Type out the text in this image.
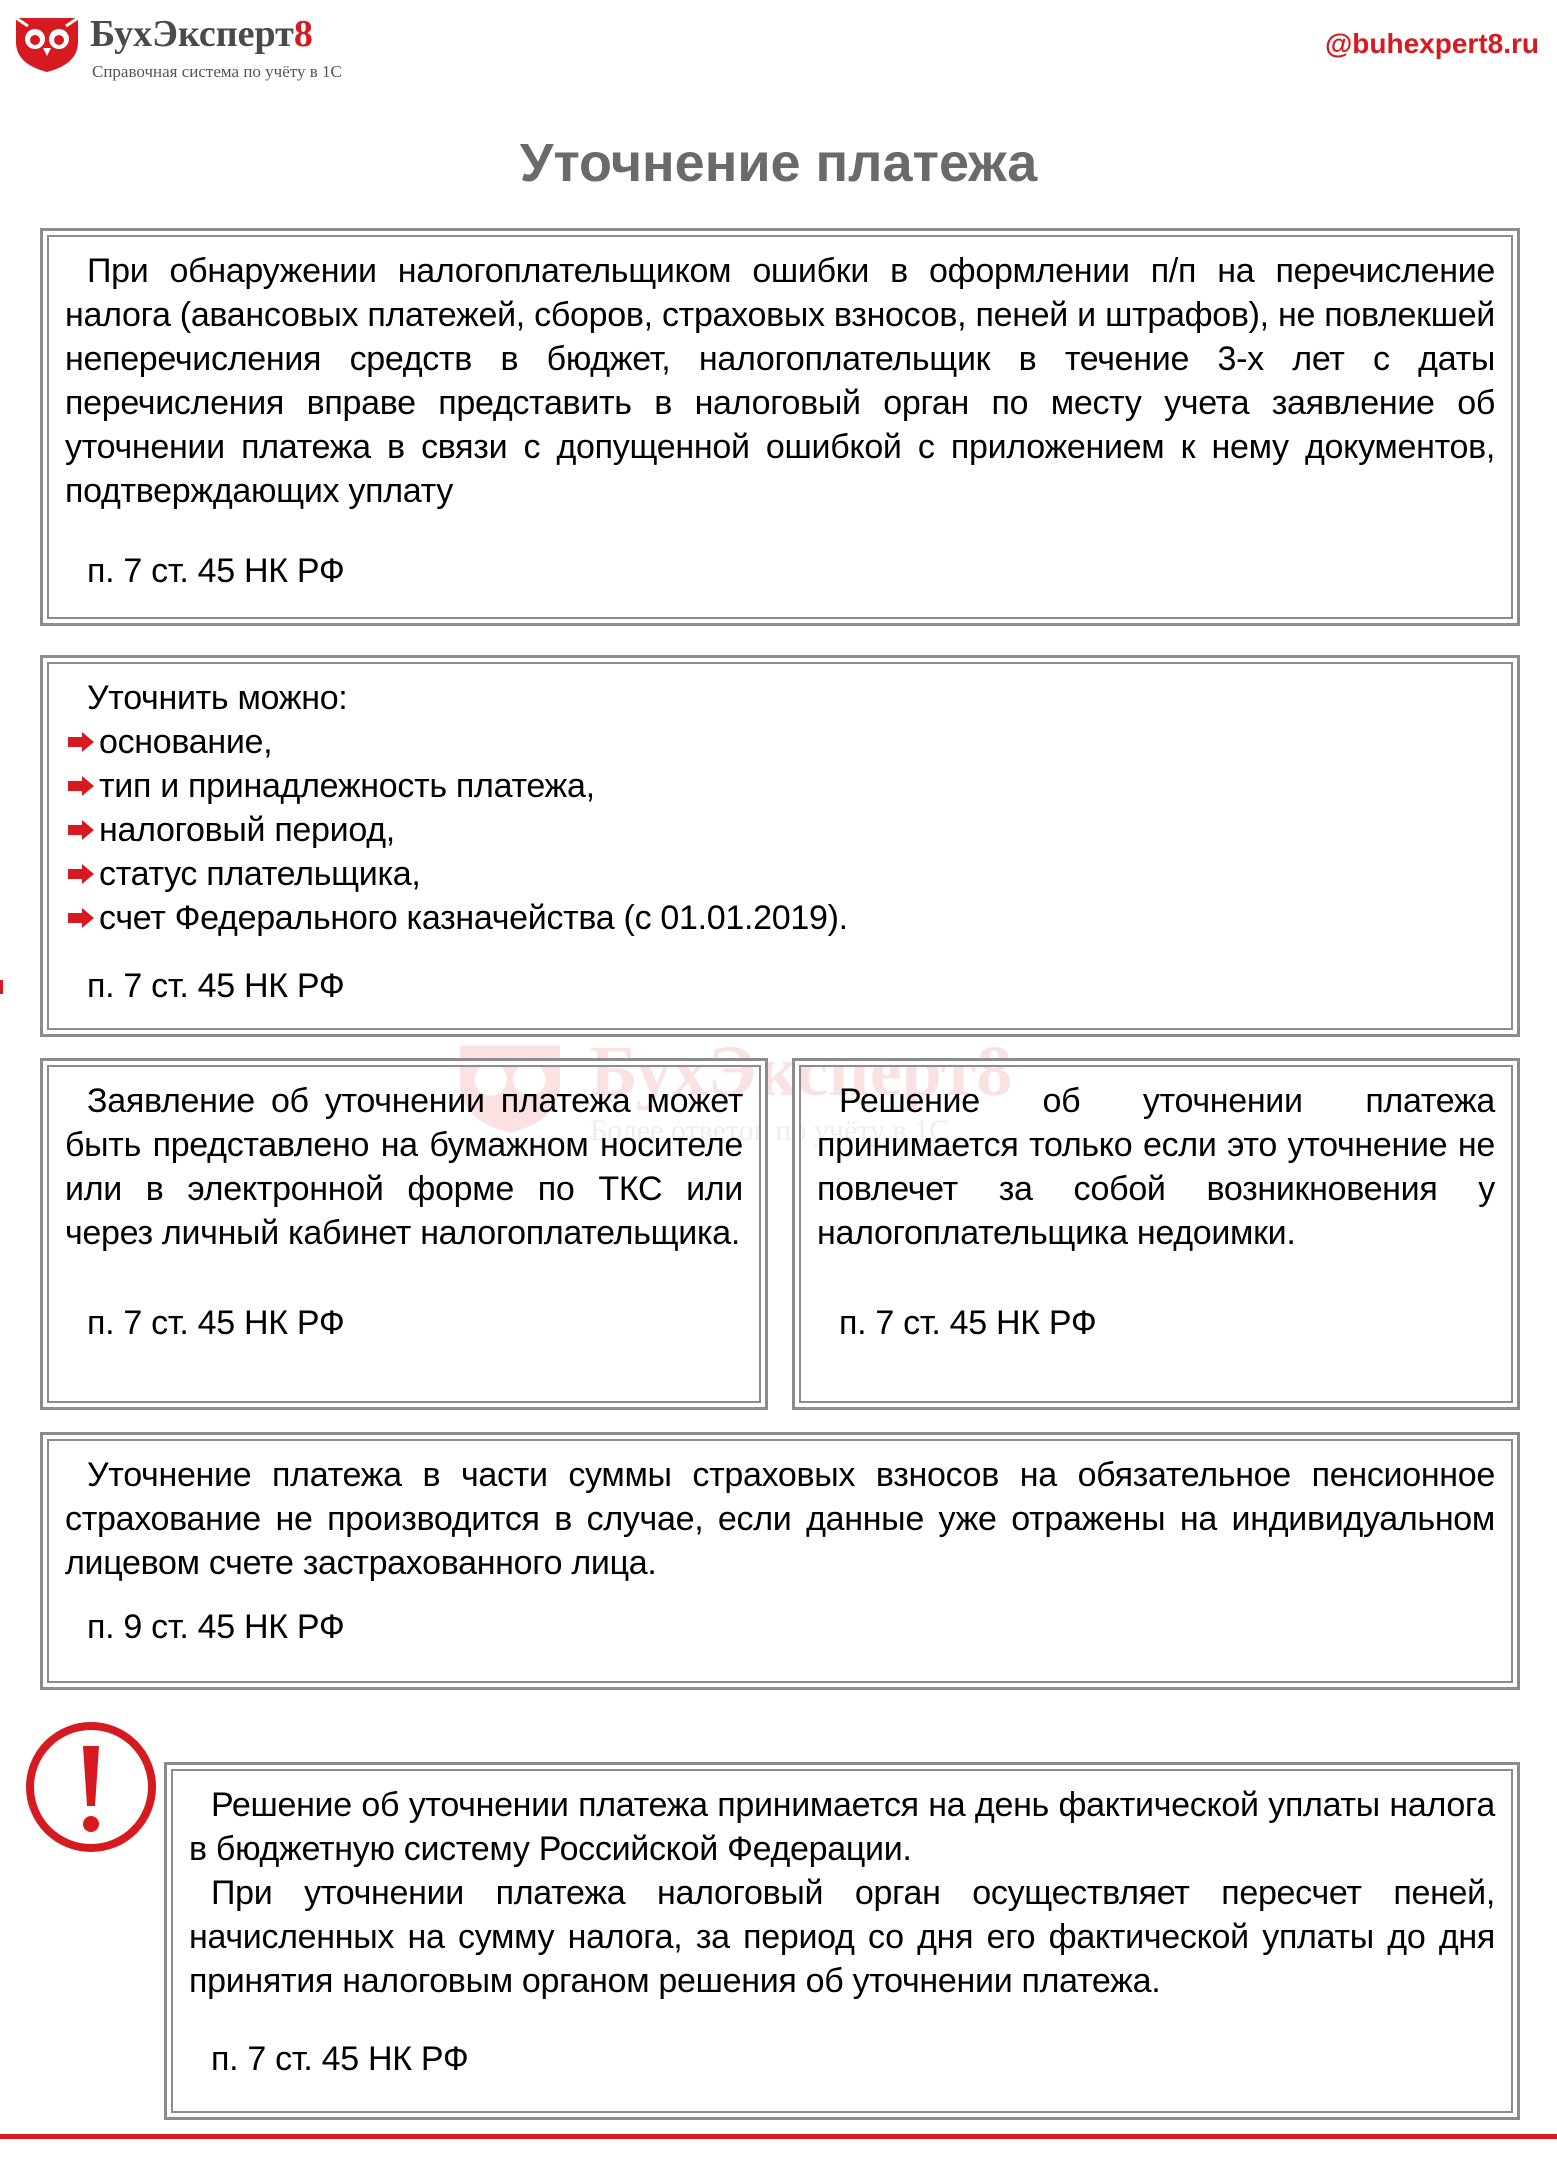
БухЭксперт8
Справочная система по учёту в 1С
@buhexpert8.ru
Уточнение платежа
БухЭксперт8
Более ответов по учёту в 1С

При обнаружении налогоплательщиком ошибки в оформлении п/п на перечисление налога (авансовых платежей, сборов, страховых взносов, пеней и штрафов), не повлекшей неперечисления средств в бюджет, налогоплательщик в течение 3-х лет с даты перечисления вправе представить в налоговый орган по месту учета заявление об уточнении платежа в связи с допущенной ошибкой с приложением к нему документов, подтверждающих уплату

п. 7 ст. 45 НК РФ

Уточнить можно:

основание,
тип и принадлежность платежа,
налоговый период,
статус плательщика,
счет Федерального казначейства (с 01.01.2019).
п. 7 ст. 45 НК РФ

Заявление об уточнении платежа может быть представлено на бумажном носителе или в электронной форме по ТКС или через личный кабинет налогоплательщика.

п. 7 ст. 45 НК РФ

Решение об уточнении платежа принимается только если это уточнение не повлечет за собой возникновения у налогоплательщика недоимки.

п. 7 ст. 45 НК РФ

Уточнение платежа в части суммы страховых взносов на обязательное пенсионное страхование не производится в случае, если данные уже отражены на индивидуальном лицевом счете застрахованного лица.

п. 9 ст. 45 НК РФ

Решение об уточнении платежа принимается на день фактической уплаты налога в бюджетную систему Российской Федерации.

При уточнении платежа налоговый орган осуществляет пересчет пеней, начисленных на сумму налога, за период со дня его фактической уплаты до дня принятия налоговым органом решения об уточнении платежа.

п. 7 ст. 45 НК РФ
